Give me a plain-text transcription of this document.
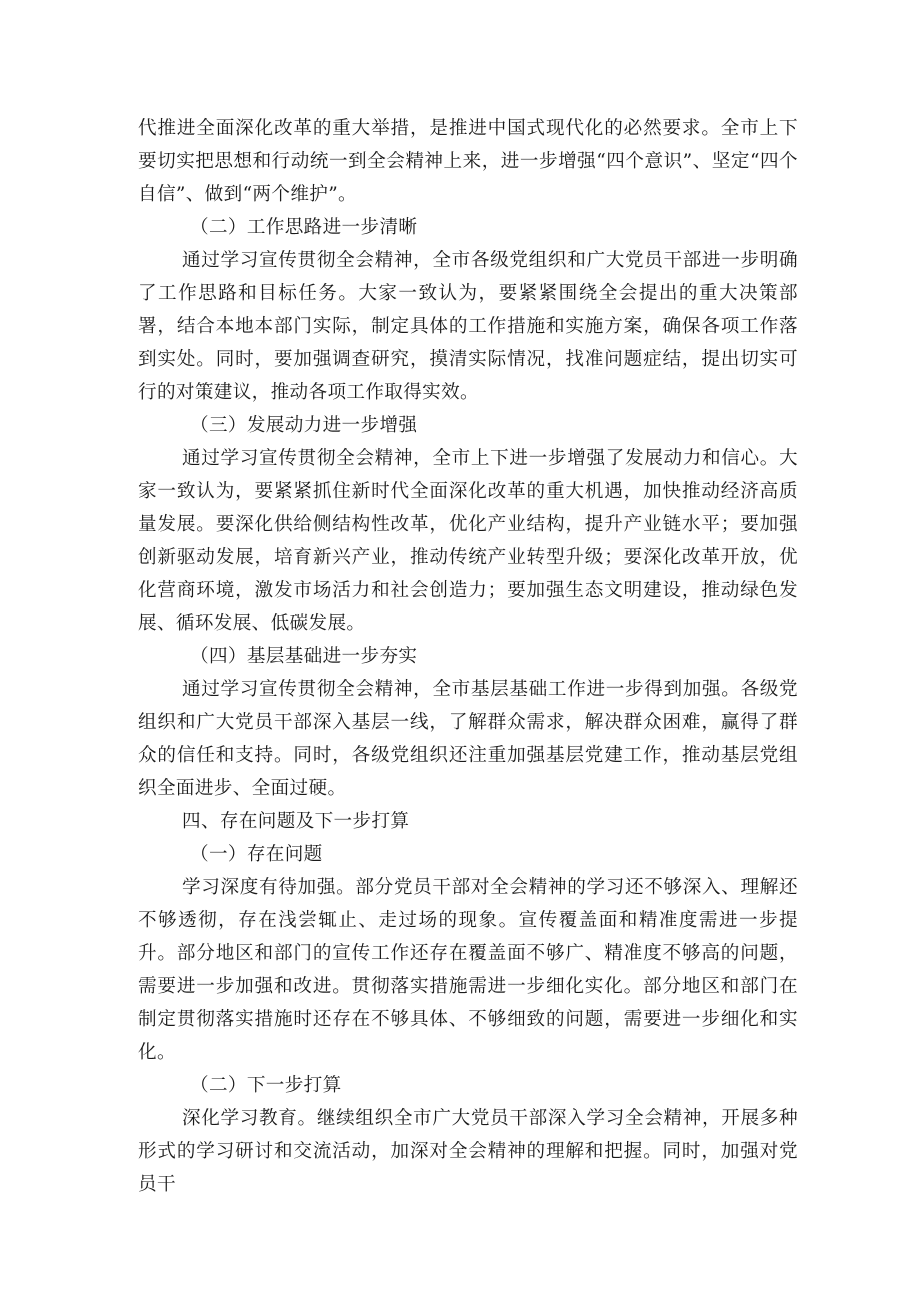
代推进全面深化改革的重大举措，是推进中国式现代化的必然要求。全市上下要切实把思想和行动统一到全会精神上来，进一步增强“四个意识”、坚定“四个自信”、做到“两个维护”。

（二）工作思路进一步清晰

通过学习宣传贯彻全会精神，全市各级党组织和广大党员干部进一步明确了工作思路和目标任务。大家一致认为，要紧紧围绕全会提出的重大决策部署，结合本地本部门实际，制定具体的工作措施和实施方案，确保各项工作落到实处。同时，要加强调查研究，摸清实际情况，找准问题症结，提出切实可行的对策建议，推动各项工作取得实效。

（三）发展动力进一步增强

通过学习宣传贯彻全会精神，全市上下进一步增强了发展动力和信心。大家一致认为，要紧紧抓住新时代全面深化改革的重大机遇，加快推动经济高质量发展。要深化供给侧结构性改革，优化产业结构，提升产业链水平；要加强创新驱动发展，培育新兴产业，推动传统产业转型升级；要深化改革开放，优化营商环境，激发市场活力和社会创造力；要加强生态文明建设，推动绿色发展、循环发展、低碳发展。

（四）基层基础进一步夯实

通过学习宣传贯彻全会精神，全市基层基础工作进一步得到加强。各级党组织和广大党员干部深入基层一线，了解群众需求，解决群众困难，赢得了群众的信任和支持。同时，各级党组织还注重加强基层党建工作，推动基层党组织全面进步、全面过硬。

四、存在问题及下一步打算

（一）存在问题

学习深度有待加强。部分党员干部对全会精神的学习还不够深入、理解还不够透彻，存在浅尝辄止、走过场的现象。宣传覆盖面和精准度需进一步提升。部分地区和部门的宣传工作还存在覆盖面不够广、精准度不够高的问题，需要进一步加强和改进。贯彻落实措施需进一步细化实化。部分地区和部门在制定贯彻落实措施时还存在不够具体、不够细致的问题，需要进一步细化和实化。

（二）下一步打算

深化学习教育。继续组织全市广大党员干部深入学习全会精神，开展多种形式的学习研讨和交流活动，加深对全会精神的理解和把握。同时，加强对党员干
